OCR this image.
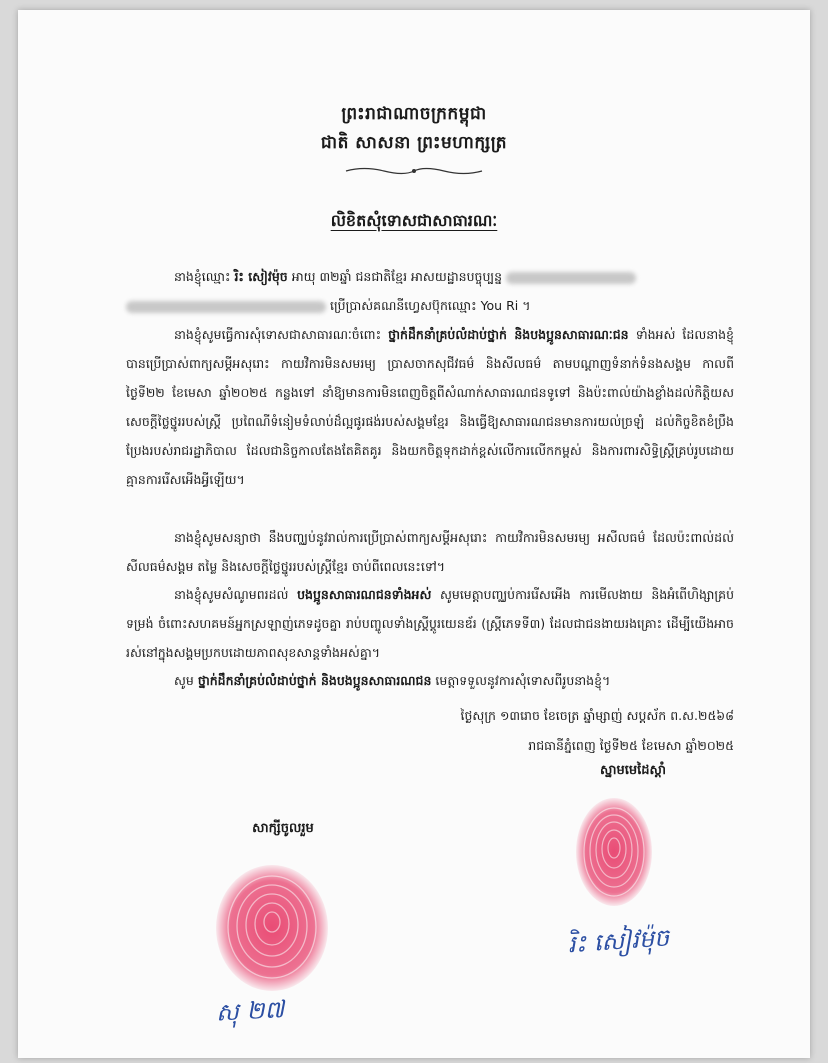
ព្រះរាជាណាចក្រកម្ពុជា
ជាតិ សាសនា ព្រះមហាក្សត្រ
លិខិតសុំទោសជាសាធារណៈ
នាងខ្ញុំឈ្មោះ រិះ សៀវម៉ុច អាយុ ៣២ឆ្នាំ ជនជាតិខ្មែរ អាសយដ្ឋានបច្ចុប្បន្ន
ប្រើប្រាស់គណនីហ្វេសប៊ុកឈ្មោះ You Ri ។
នាងខ្ញុំសូមធ្វើការសុំទោសជាសាធារណៈចំពោះ ថ្នាក់ដឹកនាំគ្រប់លំដាប់ថ្នាក់ និងបងប្អូនសាធារណៈជន ទាំងអស់ ដែលនាងខ្ញុំបានប្រើប្រាស់ពាក្យសម្តីអសុរោះ កាយវិការមិនសមរម្យ ប្រាសចាកសុជីវធម៌ និងសីលធម៌ តាមបណ្តាញទំនាក់ទំនងសង្គម កាលពីថ្ងៃទី២២ ខែមេសា ឆ្នាំ២០២៥ កន្លងទៅ នាំឱ្យមានការមិនពេញចិត្តពីសំណាក់សាធារណជនទូទៅ និងប៉ះពាល់យ៉ាងខ្លាំងដល់កិត្តិយស សេចក្តីថ្លៃថ្នូររបស់ស្ត្រី ប្រពៃណីទំនៀមទំលាប់ដ៏ល្អផូរផង់របស់សង្គមខ្មែរ និងធ្វើឱ្យសាធារណជនមានការយល់ច្រឡំ ដល់កិច្ចខិតខំប្រឹងប្រែងរបស់រាជរដ្ឋាភិបាល ដែលជានិច្ចកាលតែងតែគិតគូរ និងយកចិត្តទុកដាក់ខ្ពស់លើការលើកកម្ពស់ និងការពារសិទ្ធិស្ត្រីគ្រប់រូបដោយគ្មានការរើសអើងអ្វីឡើយ។
នាងខ្ញុំសូមសន្យាថា នឹងបញ្ឈប់នូវរាល់ការប្រើប្រាស់ពាក្យសម្តីអសុរោះ កាយវិការមិនសមរម្យ អសីលធម៌ ដែលប៉ះពាល់ដល់សីលធម៌សង្គម តម្លៃ និងសេចក្តីថ្លៃថ្នូររបស់ស្ត្រីខ្មែរ ចាប់ពីពេលនេះទៅ។
នាងខ្ញុំសូមសំណូមពរដល់ បងប្អូនសាធារណជនទាំងអស់ សូមមេត្តាបញ្ឈប់ការរើសអើង ការមើលងាយ និងអំពើហិង្សាគ្រប់ទម្រង់ ចំពោះសហគមន៍អ្នកស្រឡាញ់ភេទដូចគ្នា រាប់បញ្ចូលទាំងស្ត្រីប្តូរយេនឌ័រ (ស្ត្រីភេទទី៣) ដែលជាជនងាយរងគ្រោះ ដើម្បីយើងអាចរស់នៅក្នុងសង្គមប្រកបដោយភាពសុខសាន្តទាំងអស់គ្នា។
សូម ថ្នាក់ដឹកនាំគ្រប់លំដាប់ថ្នាក់ និងបងប្អូនសាធារណជន មេត្តាទទួលនូវការសុំទោសពីរូបនាងខ្ញុំ។
ថ្ងៃសុក្រ ១៣រោច ខែចេត្រ ឆ្នាំម្សាញ់ សប្តស័ក ព.ស.២៥៦៨
រាជធានីភ្នំពេញ ថ្ងៃទី២៥ ខែមេសា ឆ្នាំ២០២៥
ស្នាមមេដៃស្តាំ
សាក្សីចូលរួម
រិះ សៀវម៉ុច
សុ ២៧
